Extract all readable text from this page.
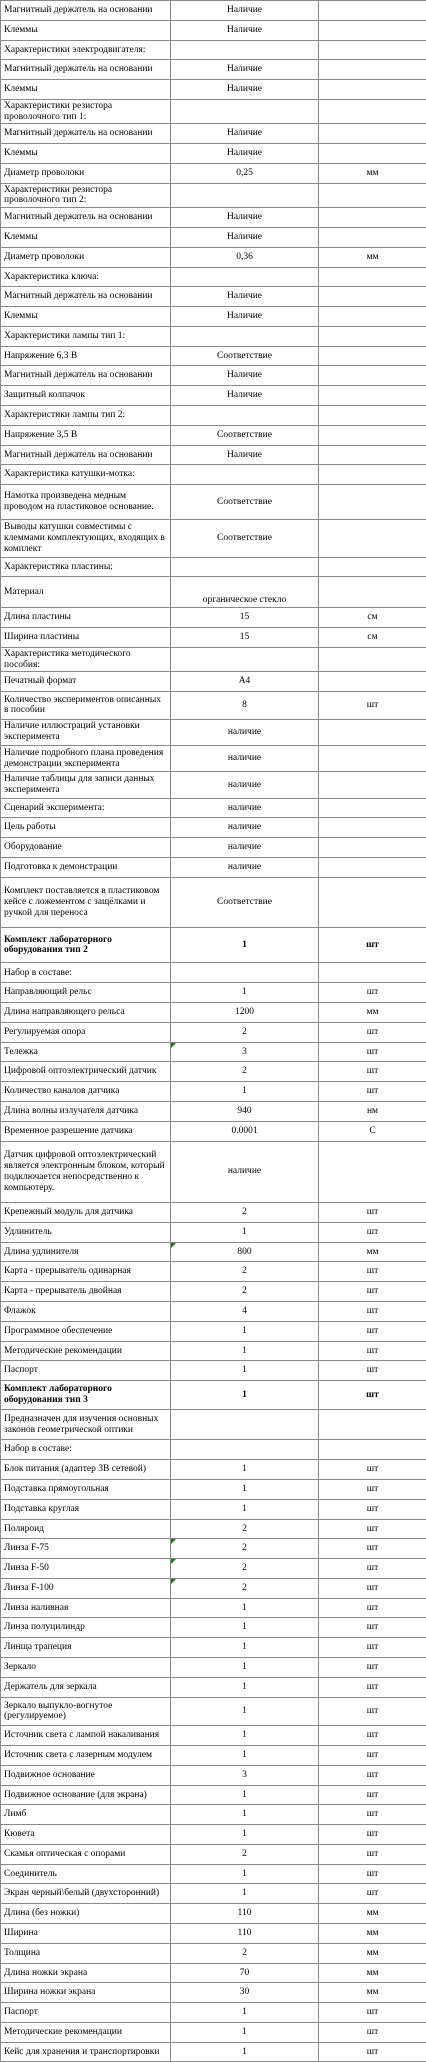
Магнитный держатель на основании	Наличие	
Клеммы	Наличие	
Характеристики электродвигателя:		
Магнитный держатель на основании	Наличие	
Клеммы	Наличие	
Характеристики резистора проволочного тип 1:		
Магнитный держатель на основании	Наличие	
Клеммы	Наличие	
Диаметр проволоки	0,25	мм
Характеристики резистора проволочного тип 2:		
Магнитный держатель на основании	Наличие	
Клеммы	Наличие	
Диаметр проволоки	0,36	мм
Характеристика ключа:		
Магнитный держатель на основании	Наличие	
Клеммы	Наличие	
Характеристики лампы тип 1:		
Напряжение 6,3 В	Соответствие	
Магнитный держатель на основании	Наличие	
Защитный колпачок	Наличие	
Характеристики лампы тип 2:		
Напряжение 3,5 В	Соответствие	
Магнитный держатель на основании	Наличие	
Характеристика катушки-мотка:		
Намотка произведена медным проводом на пластиковое основание.	Соответствие	
Выводы катушки совместимы с клеммами комплектующих, входящих в комплект	Соответствие	
Характеристика пластины:		
Материал	органическое стекло	
Длина пластины	15	см
Ширина пластины	15	см
Характеристика методического пособия:		
Печатный формат	А4	
Количество экспериментов описанных в пособии	8	шт
Наличие иллюстраций установки эксперимента	наличие	
Наличие подробного плана проведения демонстрации эксперимента	наличие	
Наличие таблицы для записи данных эксперимента	наличие	
Сценарий эксперимента:	наличие	
Цель работы	наличие	
Оборудование	наличие	
Подготовка к демонстрации	наличие	
Комплект поставляется в пластиковом кейсе с ложементом с защёлками и ручкой для переноса	Соответствие	
Комплект лабораторного оборудования тип 2	1	шт
Набор в составе:		
Направляющий рельс	1	шт
Длина направляющего рельса	1200	мм
Регулируемая опора	2	шт
Тележка	3	шт
Цифровой оптоэлектрический датчик	2	шт
Количество каналов датчика	1	шт
Длина волны излучателя датчика	940	нм
Временное разрешение датчика	0.0001	С
Датчик цифровой оптоэлектрический является электронным блоком, который подключается непосредственно к компьютеру.	наличие	
Крепежный модуль для датчика	2	шт
Удлинитель	1	шт
Длина удлинителя	800	мм
Карта - прерыватель одинарная	2	шт
Карта - прерыватель двойная	2	шт
Флажок	4	шт
Программное обеспечение	1	шт
Методические рекомендации	1	шт
Паспорт	1	шт
Комплект лабораторного оборудования тип 3	1	шт
Предназначен для изучения основных законов геометрической оптики		
Набор в составе:		
Блок питания (адаптер 3В сетевой)	1	шт
Подставка прямоугольная	1	шт
Подставка круглая	1	шт
Поляроид	2	шт
Линза F-75	2	шт
Линза F-50	2	шт
Линза F-100	2	шт
Линза наливная	1	шт
Линза полуцилиндр	1	шт
Линща трапеция	1	шт
Зеркало	1	шт
Держатель для зеркала	1	шт
Зеркало выпукло-вогнутое (регулируемое)	1	шт
Источник света с лампой накаливания	1	шт
Источник света с лазерным модулем	1	шт
Подвижное основание	3	шт
Подвижное основание (для экрана)	1	шт
Лимб	1	шт
Кювета	1	шт
Скамья оптическая с опорами	2	шт
Соединитель	1	шт
Экран черный\белый (двухсторонний)	1	шт
Длина (без ножки)	110	мм
Ширина	110	мм
Толщина	2	мм
Длина ножки экрана	70	мм
Ширина ножки экрана	30	мм
Паспорт	1	шт
Методические рекомендации	1	шт
Кейс для хранения и транспортировки	1	шт
